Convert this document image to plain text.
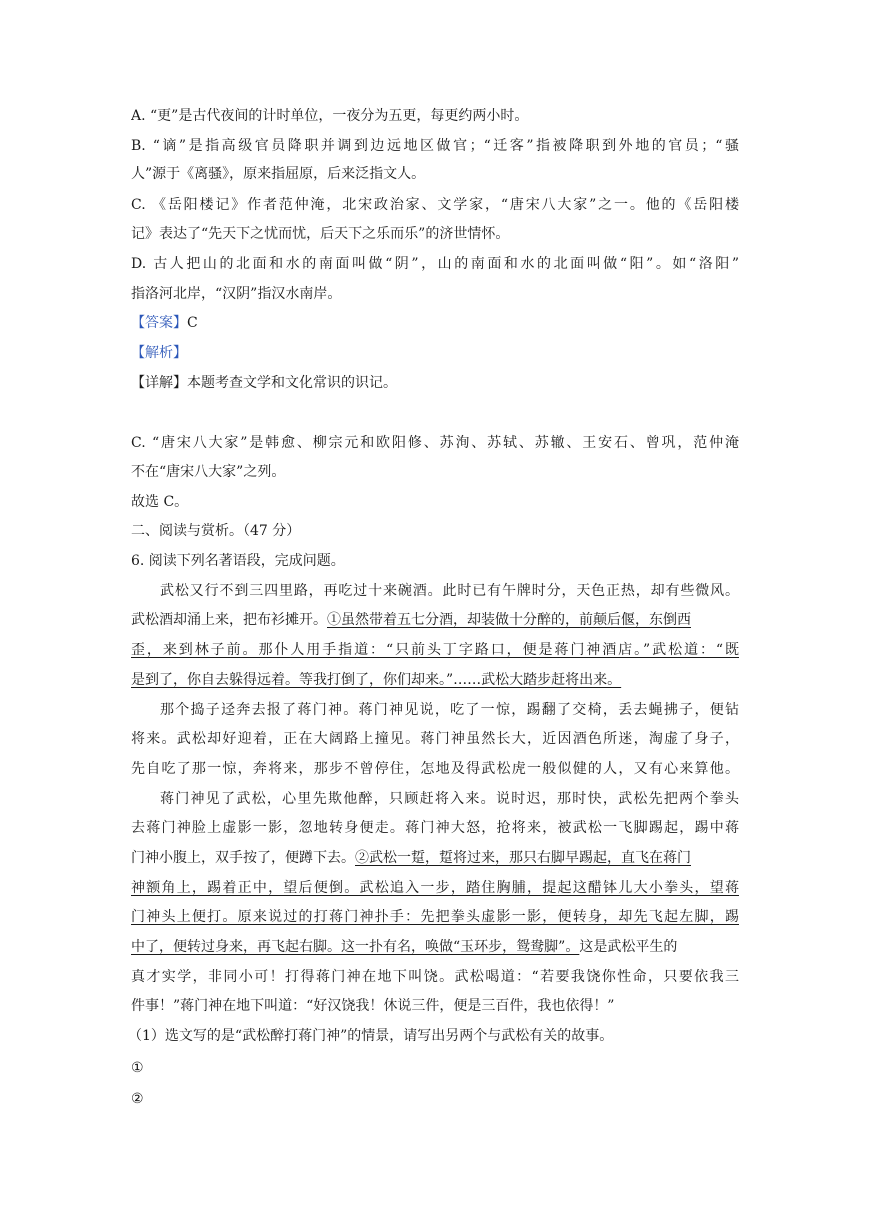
A. “更”是古代夜间的计时单位，一夜分为五更，每更约两小时。
B. “谪”是指高级官员降职并调到边远地区做官；“迁客”指被降职到外地的官员；“骚
人”源于《离骚》，原来指屈原，后来泛指文人。
C. 《岳阳楼记》作者范仲淹，北宋政治家、文学家，“唐宋八大家”之一。他的《岳阳楼
记》表达了“先天下之忧而忧，后天下之乐而乐”的济世情怀。
D. 古人把山的北面和水的南面叫做“阴”，山的南面和水的北面叫做“阳”。如“洛阳”
指洛河北岸，“汉阴”指汉水南岸。
【答案】C
【解析】
【详解】本题考查文学和文化常识的识记。
C. “唐宋八大家”是韩愈、柳宗元和欧阳修、苏洵、苏轼、苏辙、王安石、曾巩，范仲淹
不在“唐宋八大家”之列。
故选 C。
二、阅读与赏析。（47 分）
6. 阅读下列名著语段，完成问题。
武松又行不到三四里路，再吃过十来碗酒。此时已有午牌时分，天色正热，却有些微风。
武松酒却涌上来，把布衫摊开。①虽然带着五七分酒，却装做十分醉的，前颠后偃，东倒西
歪，来到林子前。那仆人用手指道：“只前头丁字路口，便是蒋门神酒店。”武松道：“既
是到了，你自去躲得远着。等我打倒了，你们却来。”……武松大踏步赶将出来。
那个捣子迳奔去报了蒋门神。蒋门神见说，吃了一惊，踢翻了交椅，丢去蝇拂子，便钻
将来。武松却好迎着，正在大阔路上撞见。蒋门神虽然长大，近因酒色所迷，淘虚了身子，
先自吃了那一惊，奔将来，那步不曾停住，怎地及得武松虎一般似健的人，又有心来算他。
蒋门神见了武松，心里先欺他醉，只顾赶将入来。说时迟，那时快，武松先把两个拳头
去蒋门神脸上虚影一影，忽地转身便走。蒋门神大怒，抢将来，被武松一飞脚踢起，踢中蒋
门神小腹上，双手按了，便蹲下去。②武松一踅，踅将过来，那只右脚早踢起，直飞在蒋门
神额角上，踢着正中，望后便倒。武松追入一步，踏住胸脯，提起这醋钵儿大小拳头，望蒋
门神头上便打。原来说过的打蒋门神扑手：先把拳头虚影一影，便转身，却先飞起左脚，踢
中了，便转过身来，再飞起右脚。这一扑有名，唤做“玉环步，鸳鸯脚”。这是武松平生的
真才实学，非同小可！打得蒋门神在地下叫饶。武松喝道：“若要我饶你性命，只要依我三
件事！”蒋门神在地下叫道：“好汉饶我！休说三件，便是三百件，我也依得！”
（1）选文写的是“武松醉打蒋门神”的情景，请写出另两个与武松有关的故事。
①
②
